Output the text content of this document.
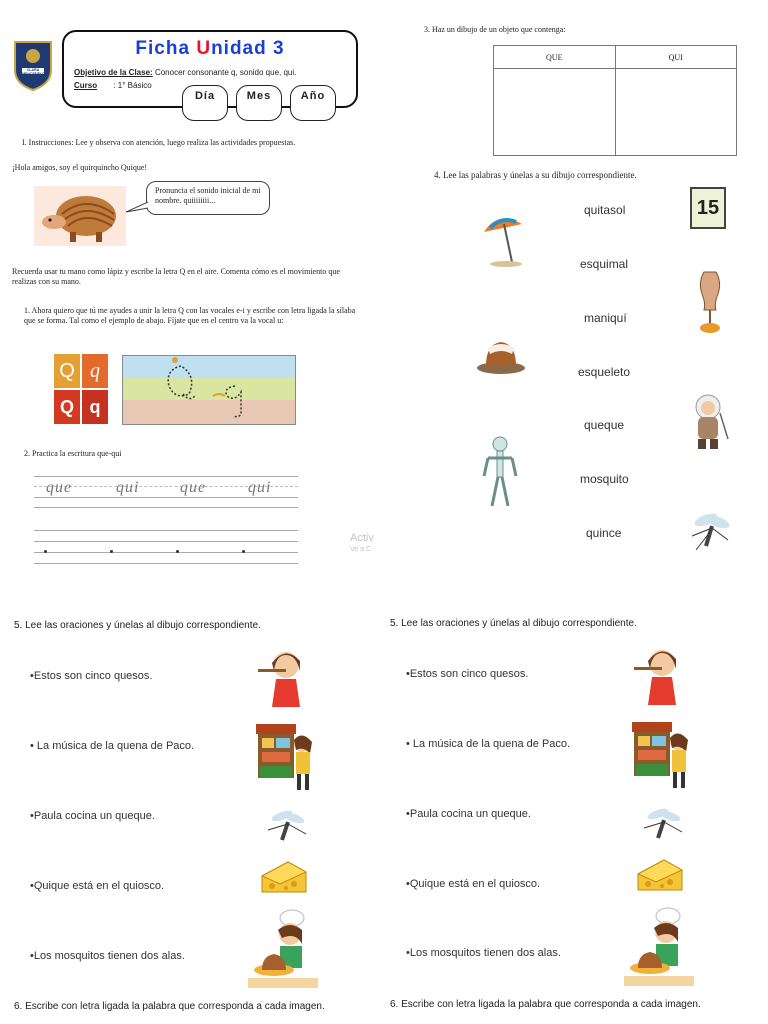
CLARA BRINCEFIELD
Ficha Unidad 3
Objetivo de la Clase: Conocer consonante q, sonido que, qui.
Curso : 1° Básico
Día	Mes	Año
I. Instrucciones: Lee y observa con atención, luego realiza las actividades propuestas.
¡Hola amigos, soy el quirquincho Quique!
Pronuncia el sonido inicial de mi nombre. quiiiiiiii...
Recuerda usar tu mano como lápiz y escribe la letra Q en el aire. Comenta cómo es el movimiento que realizas con su mano.
1. Ahora quiero que tú me ayudes a unir la letra Q con las vocales e-i y escribe con letra ligada la sílaba que se forma. Tal como el ejemplo de abajo. Fíjate que en el centro va la vocal u:
Q q
Q q
2. Practica la escritura que-qui
que	qui	que	qui
Activ
Ve a C
3. Haz un dibujo de un objeto que contenga:
QUE	QUI

4. Lee las palabras y únelas a su dibujo correspondiente.
quitasol
esquimal
maniquí
esqueleto
queque
mosquito
quince
15
5. Lee las oraciones y únelas al dibujo correspondiente.
•Estos son cinco quesos.
• La música de la quena de Paco.
•Paula cocina un queque.
•Quique está en el quiosco.
•Los mosquitos tienen dos alas.
5. Lee las oraciones y únelas al dibujo correspondiente.
•Estos son cinco quesos.
• La música de la quena de Paco.
•Paula cocina un queque.
•Quique está en el quiosco.
•Los mosquitos tienen dos alas.
6. Escribe con letra ligada la palabra que corresponda a cada imagen.	6. Escribe con letra ligada la palabra que corresponda a cada imagen.
